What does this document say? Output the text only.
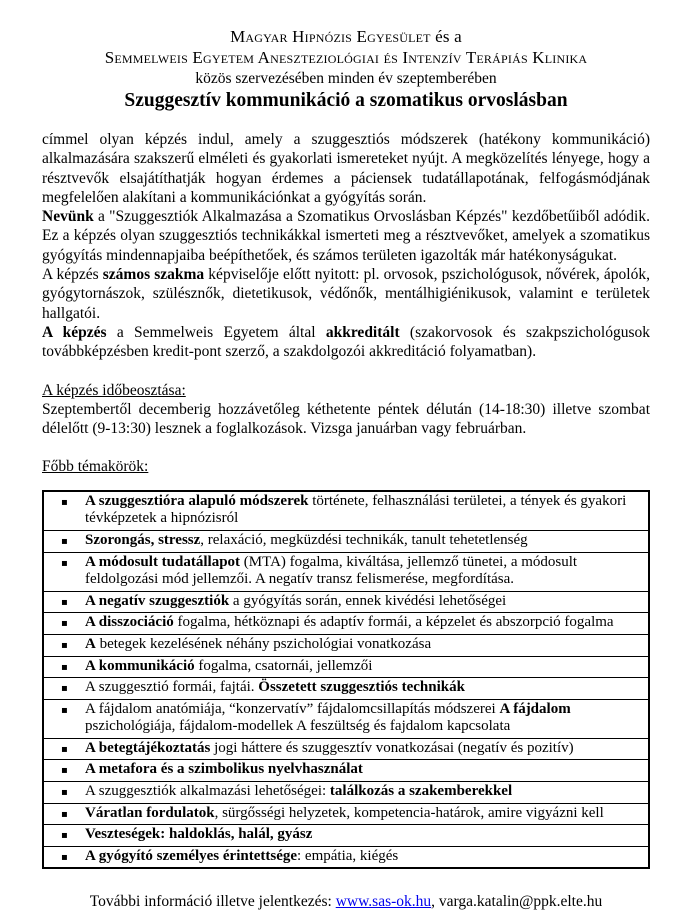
Magyar Hipnózis Egyesület és a
Semmelweis Egyetem Aneszteziológiai és Intenzív Terápiás Klinika
közös szervezésében minden év szeptemberében
Szuggesztív kommunikáció a szomatikus orvoslásban

címmel olyan képzés indul, amely a szuggesztiós módszerek (hatékony kommunikáció) alkalmazására szakszerű elméleti és gyakorlati ismereteket nyújt. A megközelítés lényege, hogy a résztvevők elsajátíthatják hogyan érdemes a páciensek tudatállapotának, felfogásmódjának megfelelően alakítani a kommunikációnkat a gyógyítás során.

Nevünk a "Szuggesztiók Alkalmazása a Szomatikus Orvoslásban Képzés" kezdőbetűiből adódik. Ez a képzés olyan szuggesztiós technikákkal ismerteti meg a résztvevőket, amelyek a szomatikus gyógyítás mindennapjaiba beépíthetőek, és számos területen igazolták már hatékonyságukat.

A képzés számos szakma képviselője előtt nyitott: pl. orvosok, pszichológusok, nővérek, ápolók, gyógytornászok, szülésznők, dietetikusok, védőnők, mentálhigiénikusok, valamint e területek hallgatói.

A képzés a Semmelweis Egyetem által akkreditált (szakorvosok és szakpszichológusok továbbképzésben kredit-pont szerző, a szakdolgozói akkreditáció folyamatban).

A képzés időbeosztása:
Szeptembertől decemberig hozzávetőleg kéthetente péntek délután (14-18:30) illetve szombat délelőtt (9-13:30) lesznek a foglalkozások. Vizsga januárban vagy februárban.
Főbb témakörök:
▪	A szuggesztióra alapuló módszerek története, felhasználási területei, a tények és gyakori tévképzetek a hipnózisról
▪	Szorongás, stressz, relaxáció, megküzdési technikák, tanult tehetetlenség
▪	A módosult tudatállapot (MTA) fogalma, kiváltása, jellemző tünetei, a módosult feldolgozási mód jellemzői. A negatív transz felismerése, megfordítása.
▪	A negatív szuggesztiók a gyógyítás során, ennek kivédési lehetőségei
▪	A disszociáció fogalma, hétköznapi és adaptív formái, a képzelet és abszorpció fogalma
▪	A betegek kezelésének néhány pszichológiai vonatkozása
▪	A kommunikáció fogalma, csatornái, jellemzői
▪	A szuggesztió formái, fajtái. Összetett szuggesztiós technikák
▪	A fájdalom anatómiája, “konzervatív” fájdalomcsillapítás módszerei A fájdalom pszichológiája, fájdalom-modellek A feszültség és fajdalom kapcsolata
▪	A betegtájékoztatás jogi háttere és szuggesztív vonatkozásai (negatív és pozitív)
▪	A metafora és a szimbolikus nyelvhasználat
▪	A szuggesztiók alkalmazási lehetőségei: találkozás a szakemberekkel
▪	Váratlan fordulatok, sürgősségi helyzetek, kompetencia-határok, amire vigyázni kell
▪	Veszteségek: haldoklás, halál, gyász
▪	A gyógyító személyes érintettsége: empátia, kiégés
További információ illetve jelentkezés: www.sas-ok.hu, varga.katalin@ppk.elte.hu
